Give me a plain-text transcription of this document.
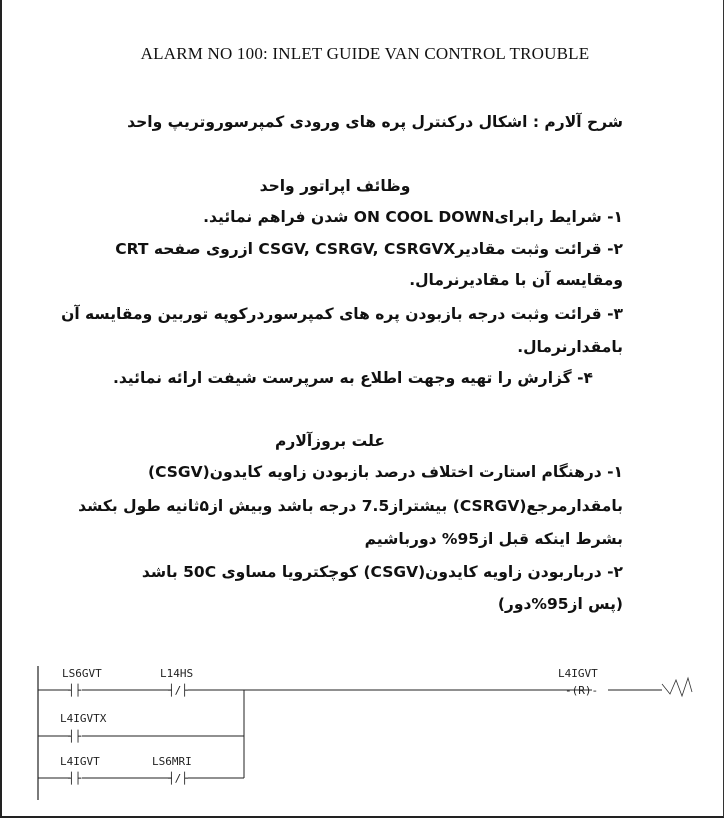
ALARM NO 100: INLET GUIDE VAN CONTROL TROUBLE
شرح آلارم : اشکال درکنترل پره های ورودی کمپرسوروتریپ واحد
وظائف اپراتور واحد
۱- شرایط رابرایON COOL DOWN شدن فراهم نمائید.
۲- قرائت وثبت مقادیرCSGV, CSRGV, CSRGVX ازروی صفحه CRT
ومقایسه آن با مقادیرنرمال.
۳- قرائت وثبت درجه بازبودن پره های کمپرسوردرکوپه توربین ومقایسه آن
بامقدارنرمال.
۴- گزارش را تهیه وجهت اطلاع به سرپرست شیفت ارائه نمائید.
علت بروزآلارم
۱- درهنگام استارت اختلاف درصد بازبودن زاویه کایدون(CSGV)
بامقدارمرجع(CSRGV) بیشتراز7.5 درجه باشد وبیش از۵ثانیه طول بکشد
بشرط اینکه قبل از95% دورباشیم
۲- درباربودن زاویه کایدون(CSGV) کوچکترویا مساوی 50C باشد
(پس از95%دور)
LS6GVT
┤├
L14HS
┤/├
L4IGVTX
┤├
L4IGVT
┤├
LS6MRI
┤/├
L4IGVT
-(R)-
